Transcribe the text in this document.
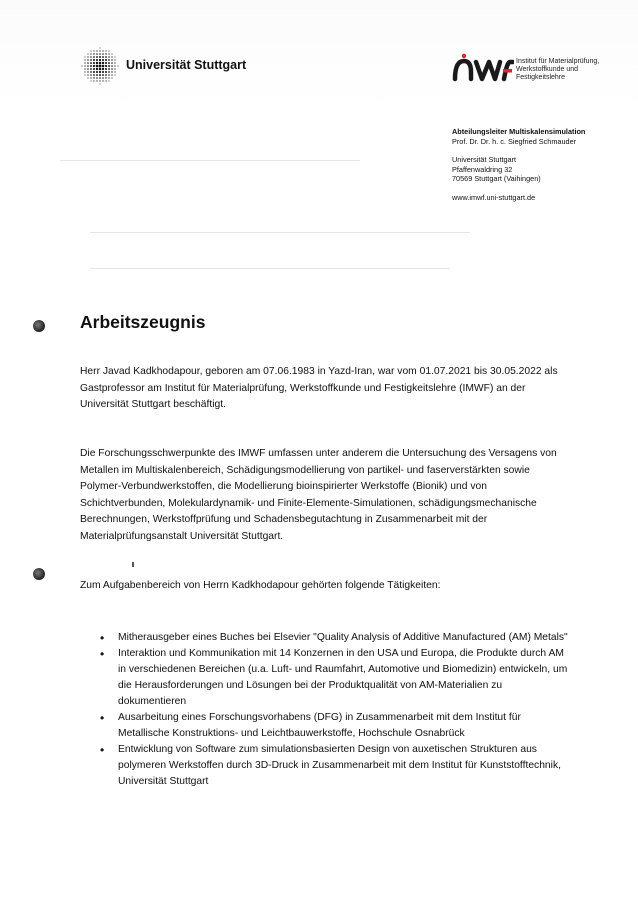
Universität Stuttgart	Institut für Materialprüfung,
Werkstoffkunde und
Festigkeitslehre
Abteilungsleiter Multiskalensimulation
Prof. Dr. Dr. h. c. Siegfried Schmauder
Universität Stuttgart
Pfaffenwaldring 32
70569 Stuttgart (Vaihingen)
www.imwf.uni-stuttgart.de
Arbeitszeugnis
Herr Javad Kadkhodapour, geboren am 07.06.1983 in Yazd-Iran, war vom 01.07.2021 bis 30.05.2022 als Gastprofessor am Institut für Materialprüfung, Werkstoffkunde und Festigkeitslehre (IMWF) an der Universität Stuttgart beschäftigt.
Die Forschungsschwerpunkte des IMWF umfassen unter anderem die Untersuchung des Versagens von Metallen im Multiskalenbereich, Schädigungsmodellierung von partikel- und faserverstärkten sowie Polymer-Verbundwerkstoffen, die Modellierung bioinspirierter Werkstoffe (Bionik) und von Schichtverbunden, Molekulardynamik- und Finite-Elemente-Simulationen, schädigungsmechanische Berechnungen, Werkstoffprüfung und Schadensbegutachtung in Zusammenarbeit mit der Materialprüfungsanstalt Universität Stuttgart.
Zum Aufgabenbereich von Herrn Kadkhodapour gehörten folgende Tätigkeiten:
• Mitherausgeber eines Buches bei Elsevier "Quality Analysis of Additive Manufactured (AM) Metals"
• Interaktion und Kommunikation mit 14 Konzernen in den USA und Europa, die Produkte durch AM in verschiedenen Bereichen (u.a. Luft- und Raumfahrt, Automotive und Biomedizin) entwickeln, um die Herausforderungen und Lösungen bei der Produktqualität von AM-Materialien zu dokumentieren
• Ausarbeitung eines Forschungsvorhabens (DFG) in Zusammenarbeit mit dem Institut für Metallische Konstruktions- und Leichtbauwerkstoffe, Hochschule Osnabrück
• Entwicklung von Software zum simulationsbasierten Design von auxetischen Strukturen aus polymeren Werkstoffen durch 3D-Druck in Zusammenarbeit mit dem Institut für Kunststofftechnik, Universität Stuttgart
